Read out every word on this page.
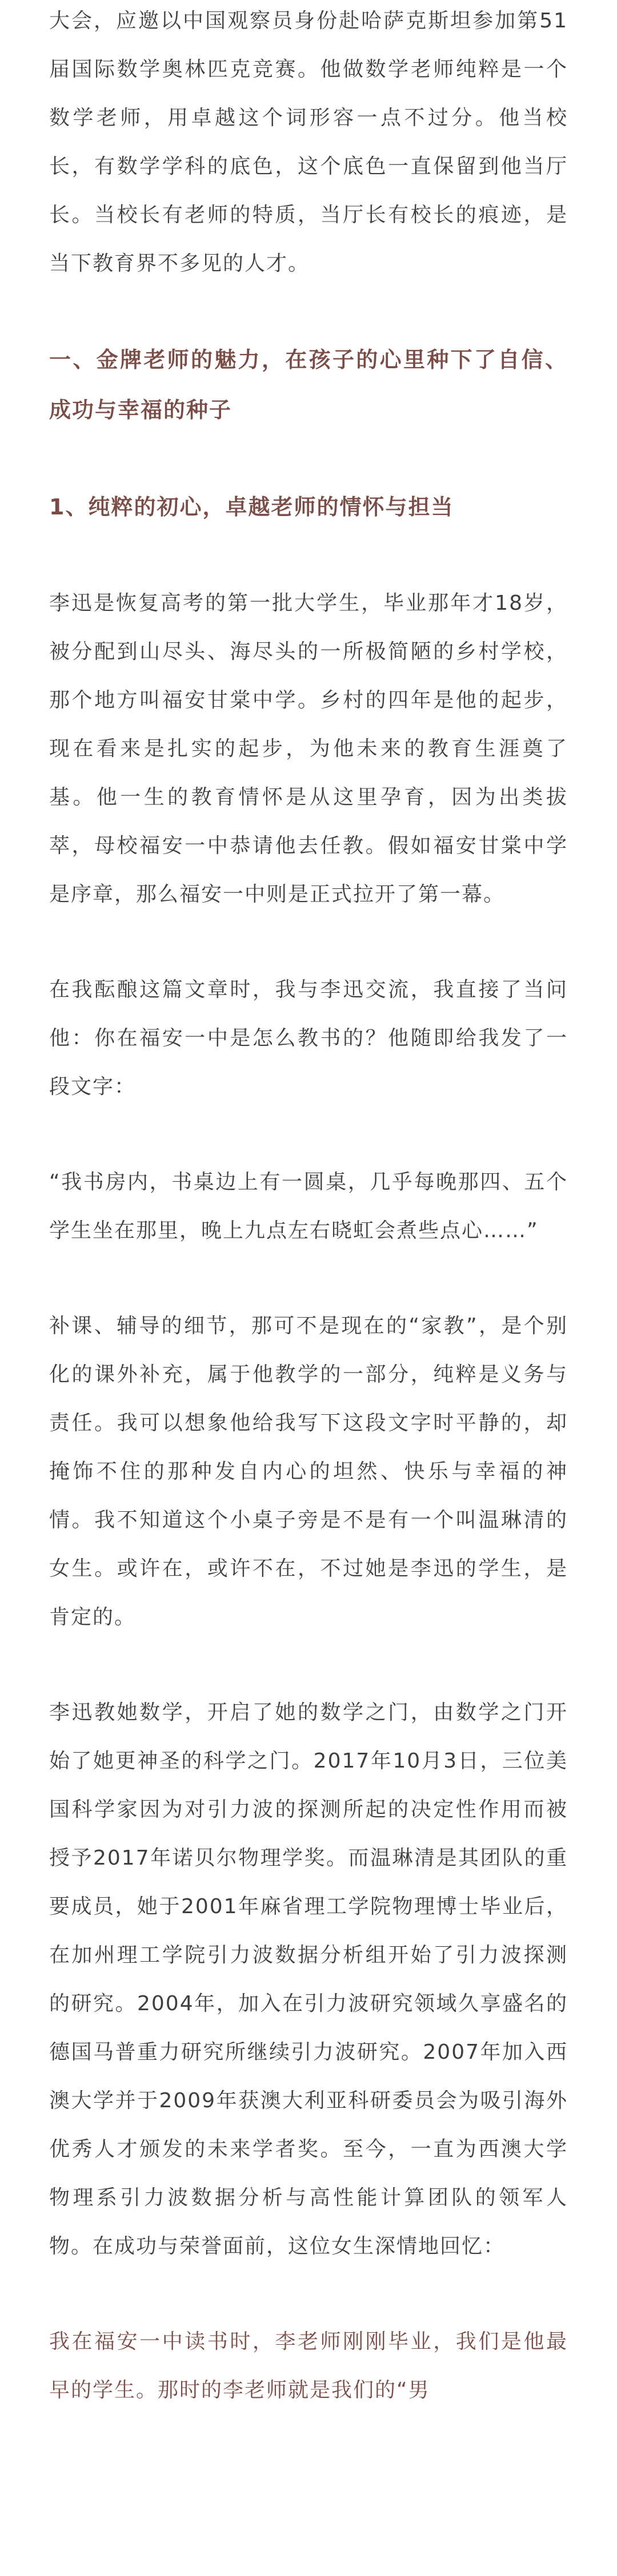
大会，应邀以中国观察员身份赴哈萨克斯坦参加第51届国际数学奥林匹克竞赛。他做数学老师纯粹是一个数学老师，用卓越这个词形容一点不过分。他当校长，有数学学科的底色，这个底色一直保留到他当厅长。当校长有老师的特质，当厅长有校长的痕迹，是当下教育界不多见的人才。

一、金牌老师的魅力，在孩子的心里种下了自信、成功与幸福的种子

1、纯粹的初心，卓越老师的情怀与担当

李迅是恢复高考的第一批大学生，毕业那年才18岁，被分配到山尽头、海尽头的一所极简陋的乡村学校，那个地方叫福安甘棠中学。乡村的四年是他的起步，现在看来是扎实的起步，为他未来的教育生涯奠了基。他一生的教育情怀是从这里孕育，因为出类拔萃，母校福安一中恭请他去任教。假如福安甘棠中学是序章，那么福安一中则是正式拉开了第一幕。

在我酝酿这篇文章时，我与李迅交流，我直接了当问他：你在福安一中是怎么教书的？他随即给我发了一段文字：

“我书房内，书桌边上有一圆桌，几乎每晚那四、五个学生坐在那里，晚上九点左右晓虹会煮些点心……”

补课、辅导的细节，那可不是现在的“家教”，是个别化的课外补充，属于他教学的一部分，纯粹是义务与责任。我可以想象他给我写下这段文字时平静的，却掩饰不住的那种发自内心的坦然、快乐与幸福的神情。我不知道这个小桌子旁是不是有一个叫温琳清的女生。或许在，或许不在，不过她是李迅的学生，是肯定的。

李迅教她数学，开启了她的数学之门，由数学之门开始了她更神圣的科学之门。2017年10月3日，三位美国科学家因为对引力波的探测所起的决定性作用而被授予2017年诺贝尔物理学奖。而温琳清是其团队的重要成员，她于2001年麻省理工学院物理博士毕业后，在加州理工学院引力波数据分析组开始了引力波探测的研究。2004年，加入在引力波研究领域久享盛名的德国马普重力研究所继续引力波研究。2007年加入西澳大学并于2009年获澳大利亚科研委员会为吸引海外优秀人才颁发的未来学者奖。至今，一直为西澳大学物理系引力波数据分析与高性能计算团队的领军人物。在成功与荣誉面前，这位女生深情地回忆：

我在福安一中读书时，李老师刚刚毕业，我们是他最早的学生。那时的李老师就是我们的“男
